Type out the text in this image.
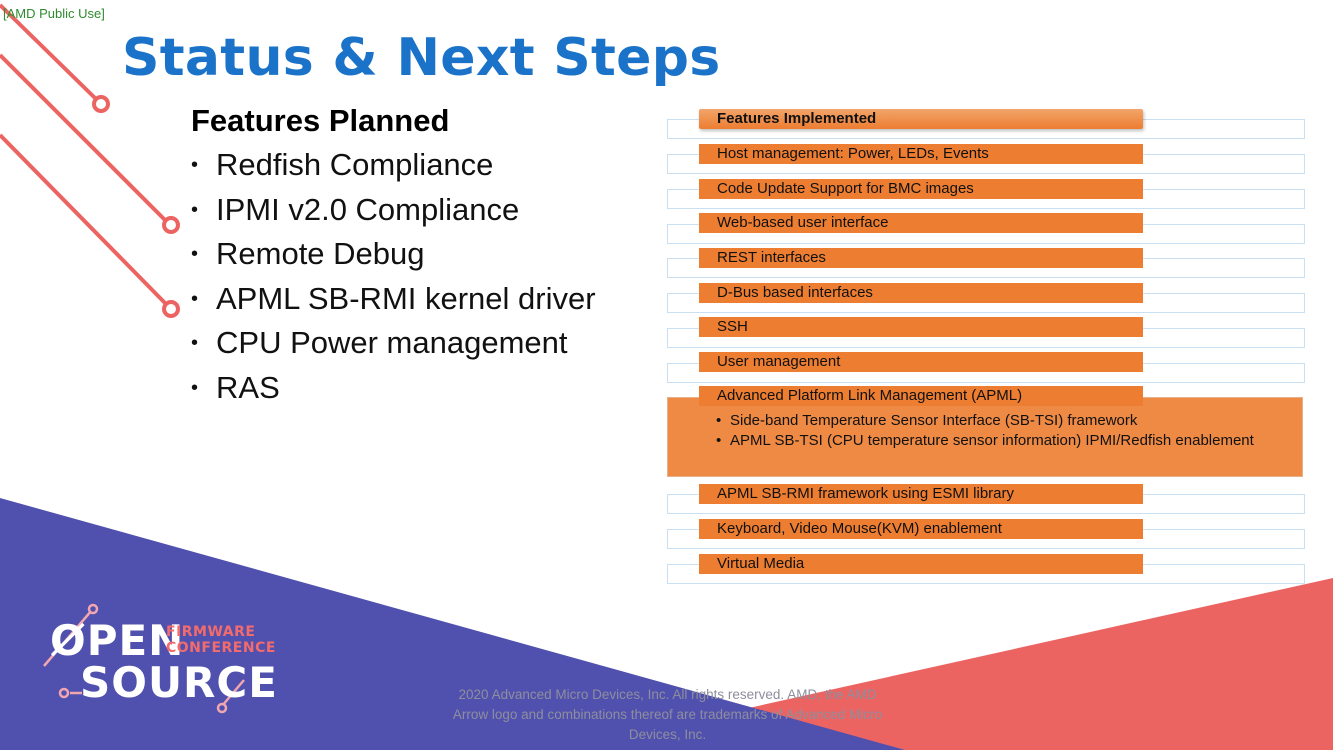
[AMD Public Use]
Status & Next Steps
Features Planned
• Redfish Compliance
• IPMI v2.0 Compliance
• Remote Debug
• APML SB-RMI kernel driver
• CPU Power management
• RAS
• Side-band Temperature Sensor Interface (SB-TSI) framework
• APML SB-TSI (CPU temperature sensor information) IPMI/Redfish enablement
Features Implemented
Host management: Power, LEDs, Events
Code Update Support for BMC images
Web-based user interface
REST interfaces
D-Bus based interfaces
SSH
User management
Advanced Platform Link Management (APML)
APML SB-RMI framework using ESMI library
Keyboard, Video Mouse(KVM) enablement
Virtual Media
ØPEN
FIRMWARE
CONFERENCE
SOURCE	2020 Advanced Micro Devices, Inc. All rights reserved. AMD, the AMD Arrow logo and combinations thereof are trademarks of Advanced Micro Devices, Inc.
